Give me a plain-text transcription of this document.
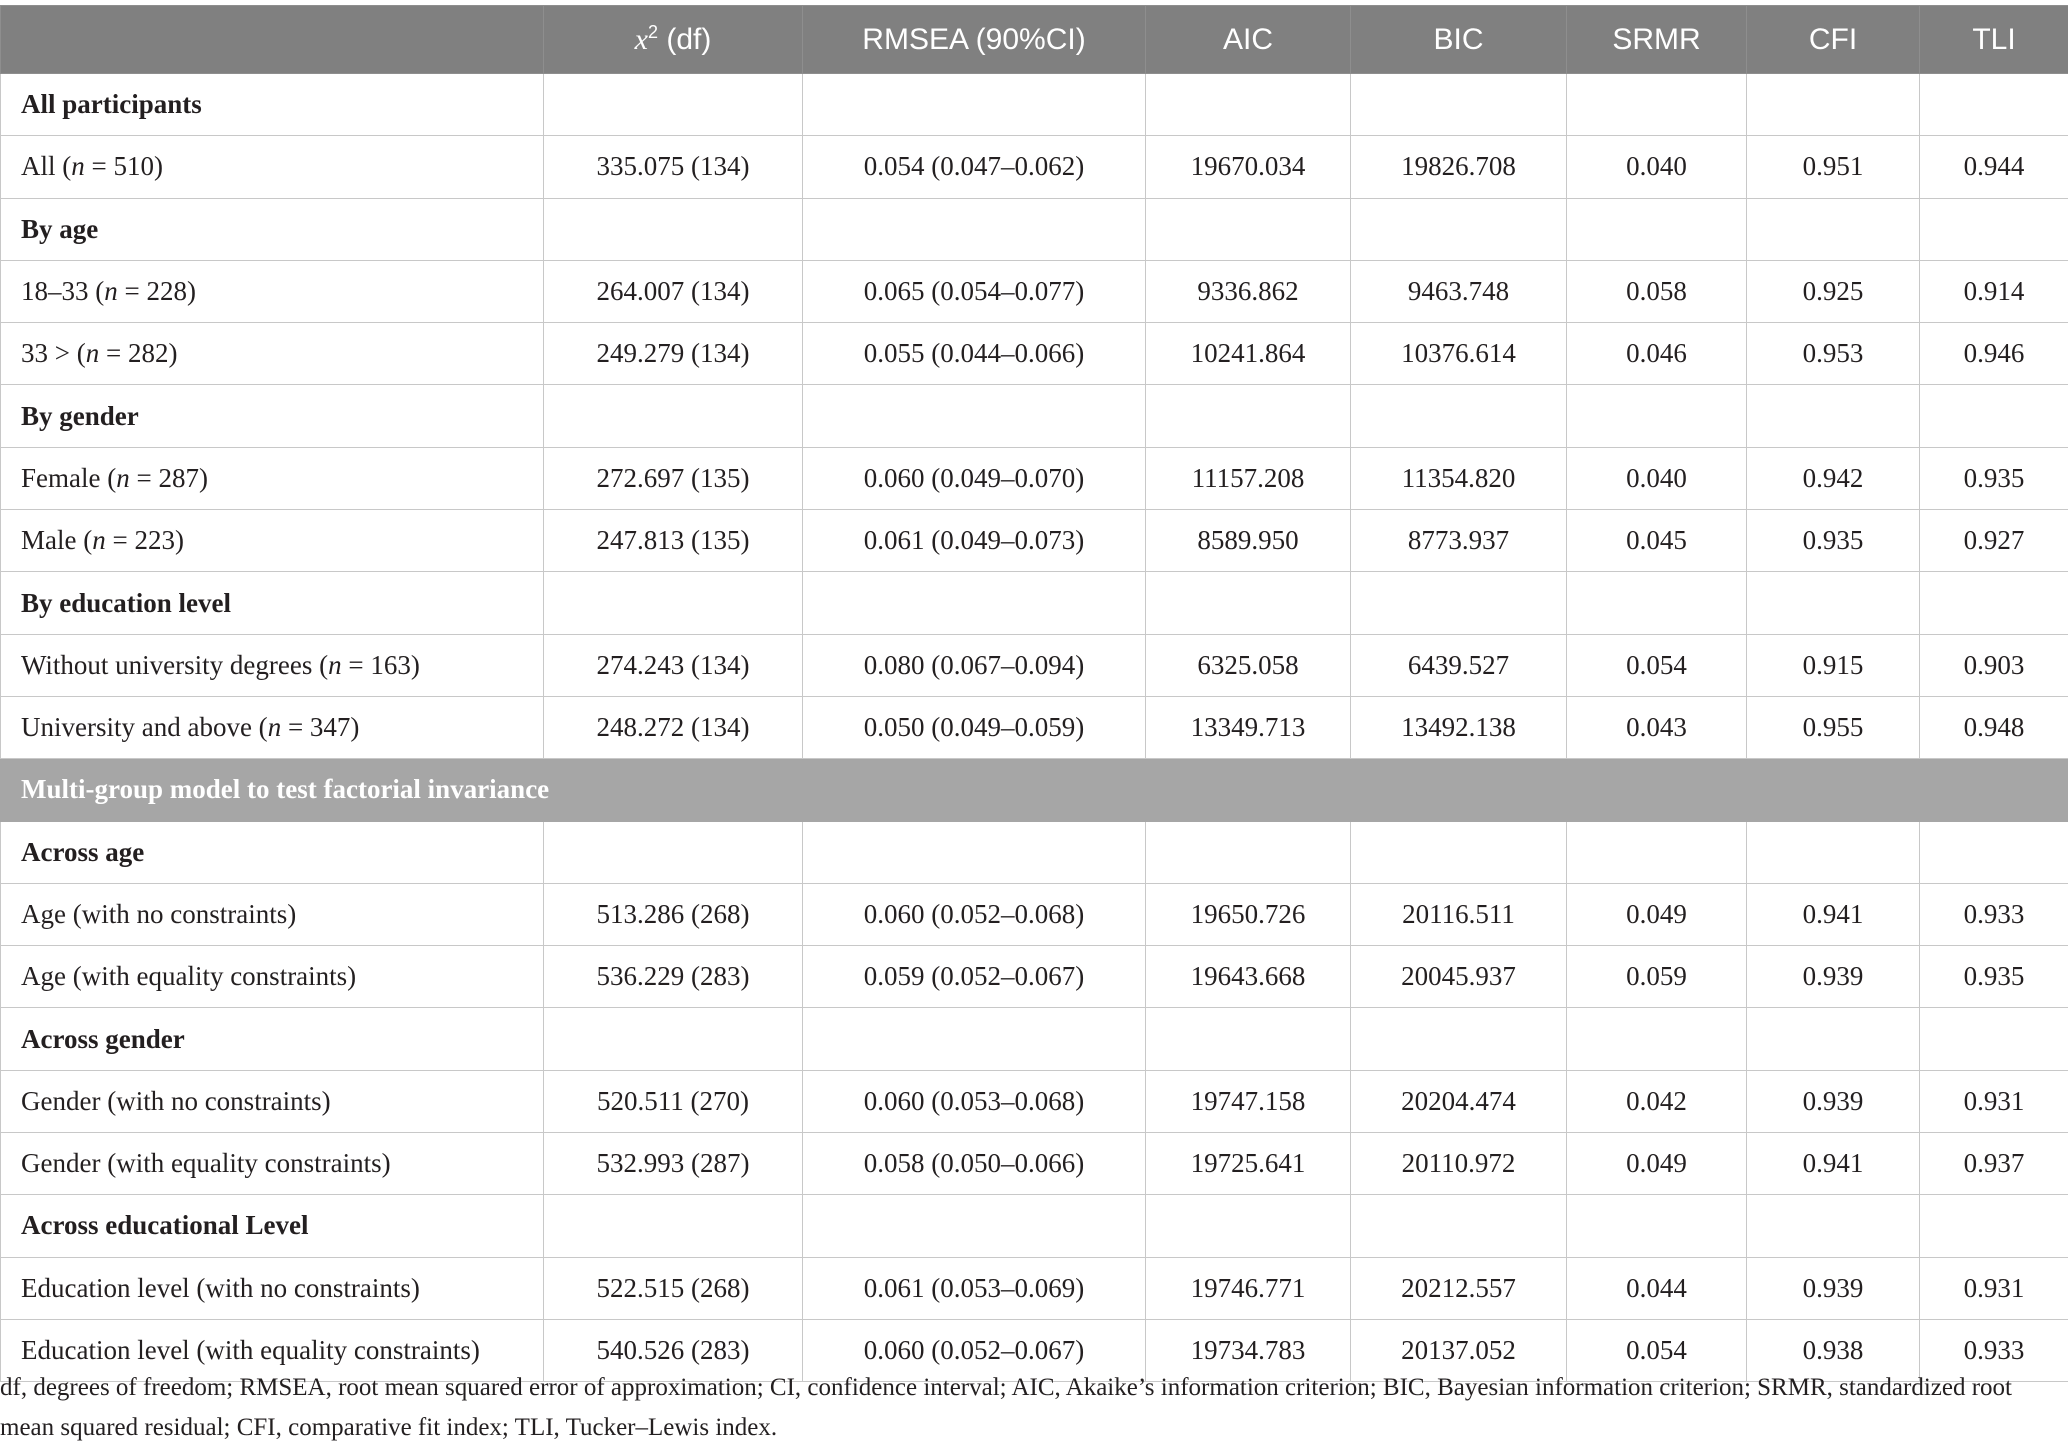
	$x^2$ (df)	RMSEA (90%CI)	AIC	BIC	SRMR	CFI	TLI
All participants							
All (n = 510)	335.075 (134)	0.054 (0.047–0.062)	19670.034	19826.708	0.040	0.951	0.944
By age							
18–33 (n = 228)	264.007 (134)	0.065 (0.054–0.077)	9336.862	9463.748	0.058	0.925	0.914
33 > (n = 282)	249.279 (134)	0.055 (0.044–0.066)	10241.864	10376.614	0.046	0.953	0.946
By gender							
Female (n = 287)	272.697 (135)	0.060 (0.049–0.070)	11157.208	11354.820	0.040	0.942	0.935
Male (n = 223)	247.813 (135)	0.061 (0.049–0.073)	8589.950	8773.937	0.045	0.935	0.927
By education level							
Without university degrees (n = 163)	274.243 (134)	0.080 (0.067–0.094)	6325.058	6439.527	0.054	0.915	0.903
University and above (n = 347)	248.272 (134)	0.050 (0.049–0.059)	13349.713	13492.138	0.043	0.955	0.948
Multi-group model to test factorial invariance							
Across age							
Age (with no constraints)	513.286 (268)	0.060 (0.052–0.068)	19650.726	20116.511	0.049	0.941	0.933
Age (with equality constraints)	536.229 (283)	0.059 (0.052–0.067)	19643.668	20045.937	0.059	0.939	0.935
Across gender							
Gender (with no constraints)	520.511 (270)	0.060 (0.053–0.068)	19747.158	20204.474	0.042	0.939	0.931
Gender (with equality constraints)	532.993 (287)	0.058 (0.050–0.066)	19725.641	20110.972	0.049	0.941	0.937
Across educational Level							
Education level (with no constraints)	522.515 (268)	0.061 (0.053–0.069)	19746.771	20212.557	0.044	0.939	0.931
Education level (with equality constraints)	540.526 (283)	0.060 (0.052–0.067)	19734.783	20137.052	0.054	0.938	0.933
df, degrees of freedom; RMSEA, root mean squared error of approximation; CI, confidence interval; AIC, Akaike’s information criterion; BIC, Bayesian information criterion; SRMR, standardized root mean squared residual; CFI, comparative fit index; TLI, Tucker–Lewis index.
